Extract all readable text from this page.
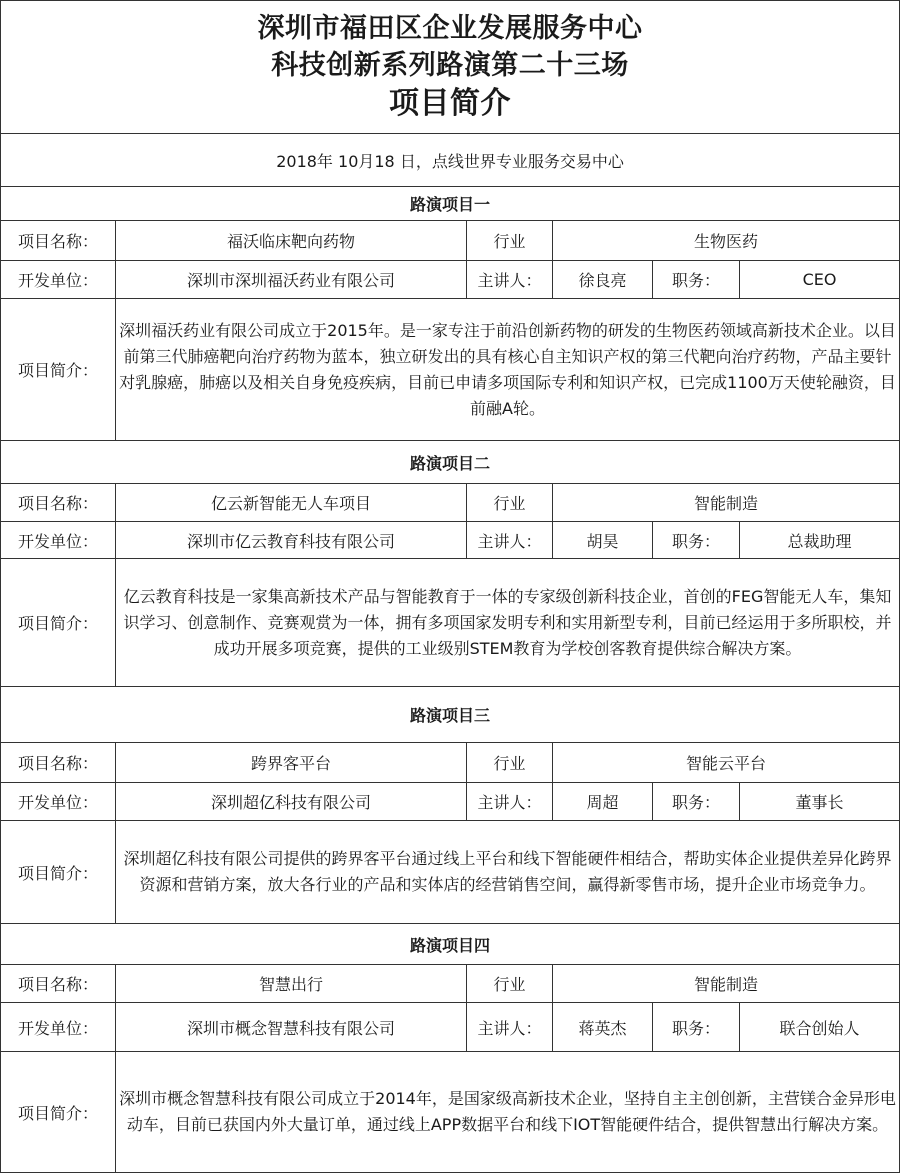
深圳市福田区企业发展服务中心
科技创新系列路演第二十三场
项目简介					

2018年 10月18 日，点线世界专业服务交易中心					
路演项目一					
项目名称：	福沃临床靶向药物	行业	生物医药		
开发单位：	深圳市深圳福沃药业有限公司	主讲人：	徐良亮	职务：	CEO
项目简介：	深圳福沃药业有限公司成立于2015年。是一家专注于前沿创新药物的研发的生物医药领域高新技术企业。以目前第三代肺癌靶向治疗药物为蓝本，独立研发出的具有核心自主知识产权的第三代靶向治疗药物，产品主要针对乳腺癌，肺癌以及相关自身免疫疾病，目前已申请多项国际专利和知识产权，已完成1100万天使轮融资，目前融A轮。				
路演项目二					
项目名称：	亿云新智能无人车项目	行业	智能制造		
开发单位：	深圳市亿云教育科技有限公司	主讲人：	胡昊	职务：	总裁助理
项目简介：	亿云教育科技是一家集高新技术产品与智能教育于一体的专家级创新科技企业，首创的FEG智能无人车，集知识学习、创意制作、竞赛观赏为一体，拥有多项国家发明专利和实用新型专利，目前已经运用于多所职校，并成功开展多项竞赛，提供的工业级别STEM教育为学校创客教育提供综合解决方案。				
路演项目三					
项目名称：	跨界客平台	行业	智能云平台		
开发单位：	深圳超亿科技有限公司	主讲人：	周超	职务：	董事长
项目简介：	深圳超亿科技有限公司提供的跨界客平台通过线上平台和线下智能硬件相结合，帮助实体企业提供差异化跨界资源和营销方案，放大各行业的产品和实体店的经营销售空间，赢得新零售市场，提升企业市场竞争力。				
路演项目四					
项目名称：	智慧出行	行业	智能制造		
开发单位：	深圳市概念智慧科技有限公司	主讲人：	蒋英杰	职务：	联合创始人
项目简介：	深圳市概念智慧科技有限公司成立于2014年，是国家级高新技术企业，坚持自主主创创新，主营镁合金异形电动车，目前已获国内外大量订单，通过线上APP数据平台和线下IOT智能硬件结合，提供智慧出行解决方案。				
